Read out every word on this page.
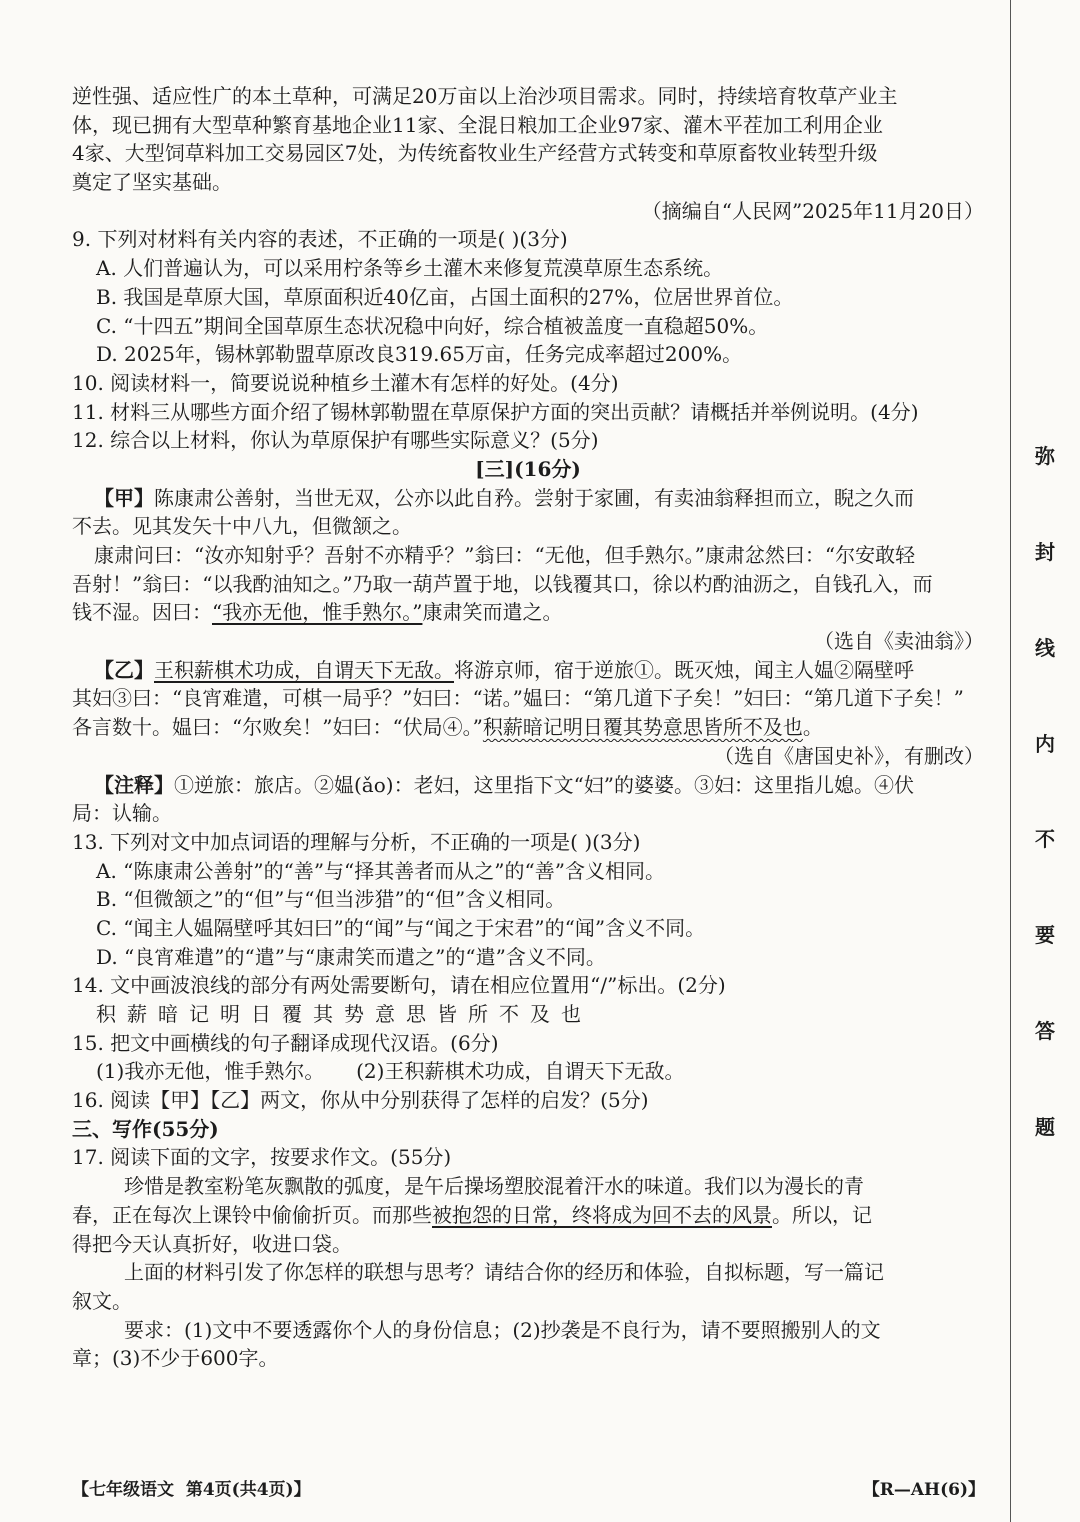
逆性强、适应性广的本土草种，可满足20万亩以上治沙项目需求。同时，持续培育牧草产业主
体，现已拥有大型草种繁育基地企业11家、全混日粮加工企业97家、灌木平茬加工利用企业
4家、大型饲草料加工交易园区7处，为传统畜牧业生产经营方式转变和草原畜牧业转型升级
奠定了坚实基础。
（摘编自“人民网”2025年11月20日）
9. 下列对材料有关内容的表述，不正确的一项是( )(3分)
A. 人们普遍认为，可以采用柠条等乡土灌木来修复荒漠草原生态系统。
B. 我国是草原大国，草原面积近40亿亩，占国土面积的27%，位居世界首位。
C. “十四五”期间全国草原生态状况稳中向好，综合植被盖度一直稳超50%。
D. 2025年，锡林郭勒盟草原改良319.65万亩，任务完成率超过200%。
10. 阅读材料一，简要说说种植乡土灌木有怎样的好处。(4分)
11. 材料三从哪些方面介绍了锡林郭勒盟在草原保护方面的突出贡献？请概括并举例说明。(4分)
12. 综合以上材料，你认为草原保护有哪些实际意义？(5分)
[三](16分)
【甲】陈康肃公善射，当世无双，公亦以此自矜。尝射于家圃，有卖油翁释担而立，睨之久而
不去。见其发矢十中八九，但微颔之。
康肃问曰：“汝亦知射乎？吾射不亦精乎？”翁曰：“无他，但手熟尔。”康肃忿然曰：“尔安敢轻
吾射！”翁曰：“以我酌油知之。”乃取一葫芦置于地，以钱覆其口，徐以杓酌油沥之，自钱孔入，而
钱不湿。因曰：“我亦无他，惟手熟尔。”康肃笑而遣之。
（选自《卖油翁》）
【乙】王积薪棋术功成，自谓天下无敌。将游京师，宿于逆旅①。既灭烛，闻主人媪②隔壁呼
其妇③曰：“良宵难遣，可棋一局乎？”妇曰：“诺。”媪曰：“第几道下子矣！”妇曰：“第几道下子矣！”
各言数十。媪曰：“尔败矣！”妇曰：“伏局④。”积薪暗记明日覆其势意思皆所不及也。
（选自《唐国史补》，有删改）
【注释】①逆旅：旅店。②媪(ǎo)：老妇，这里指下文“妇”的婆婆。③妇：这里指儿媳。④伏
局：认输。
13. 下列对文中加点词语的理解与分析，不正确的一项是( )(3分)
A. “陈康肃公善射”的“善”与“择其善者而从之”的“善”含义相同。
B. “但微颔之”的“但”与“但当涉猎”的“但”含义相同。
C. “闻主人媪隔壁呼其妇曰”的“闻”与“闻之于宋君”的“闻”含义不同。
D. “良宵难遣”的“遣”与“康肃笑而遣之”的“遣”含义不同。
14. 文中画波浪线的部分有两处需要断句，请在相应位置用“/”标出。(2分)
积薪暗记明日覆其势意思皆所不及也
15. 把文中画横线的句子翻译成现代汉语。(6分)
(1)我亦无他，惟手熟尔。     (2)王积薪棋术功成，自谓天下无敌。
16. 阅读【甲】【乙】两文，你从中分别获得了怎样的启发？(5分)
三、写作(55分)
17. 阅读下面的文字，按要求作文。(55分)
珍惜是教室粉笔灰飘散的弧度，是午后操场塑胶混着汗水的味道。我们以为漫长的青
春，正在每次上课铃中偷偷折页。而那些被抱怨的日常，终将成为回不去的风景。所以，记
得把今天认真折好，收进口袋。
上面的材料引发了你怎样的联想与思考？请结合你的经历和体验，自拟标题，写一篇记
叙文。
要求：(1)文中不要透露你个人的身份信息；(2)抄袭是不良行为，请不要照搬别人的文
章；(3)不少于600字。
弥
封
线
内
不
要
答
题
【七年级语文  第4页(共4页)】	【R—AH(6)】
